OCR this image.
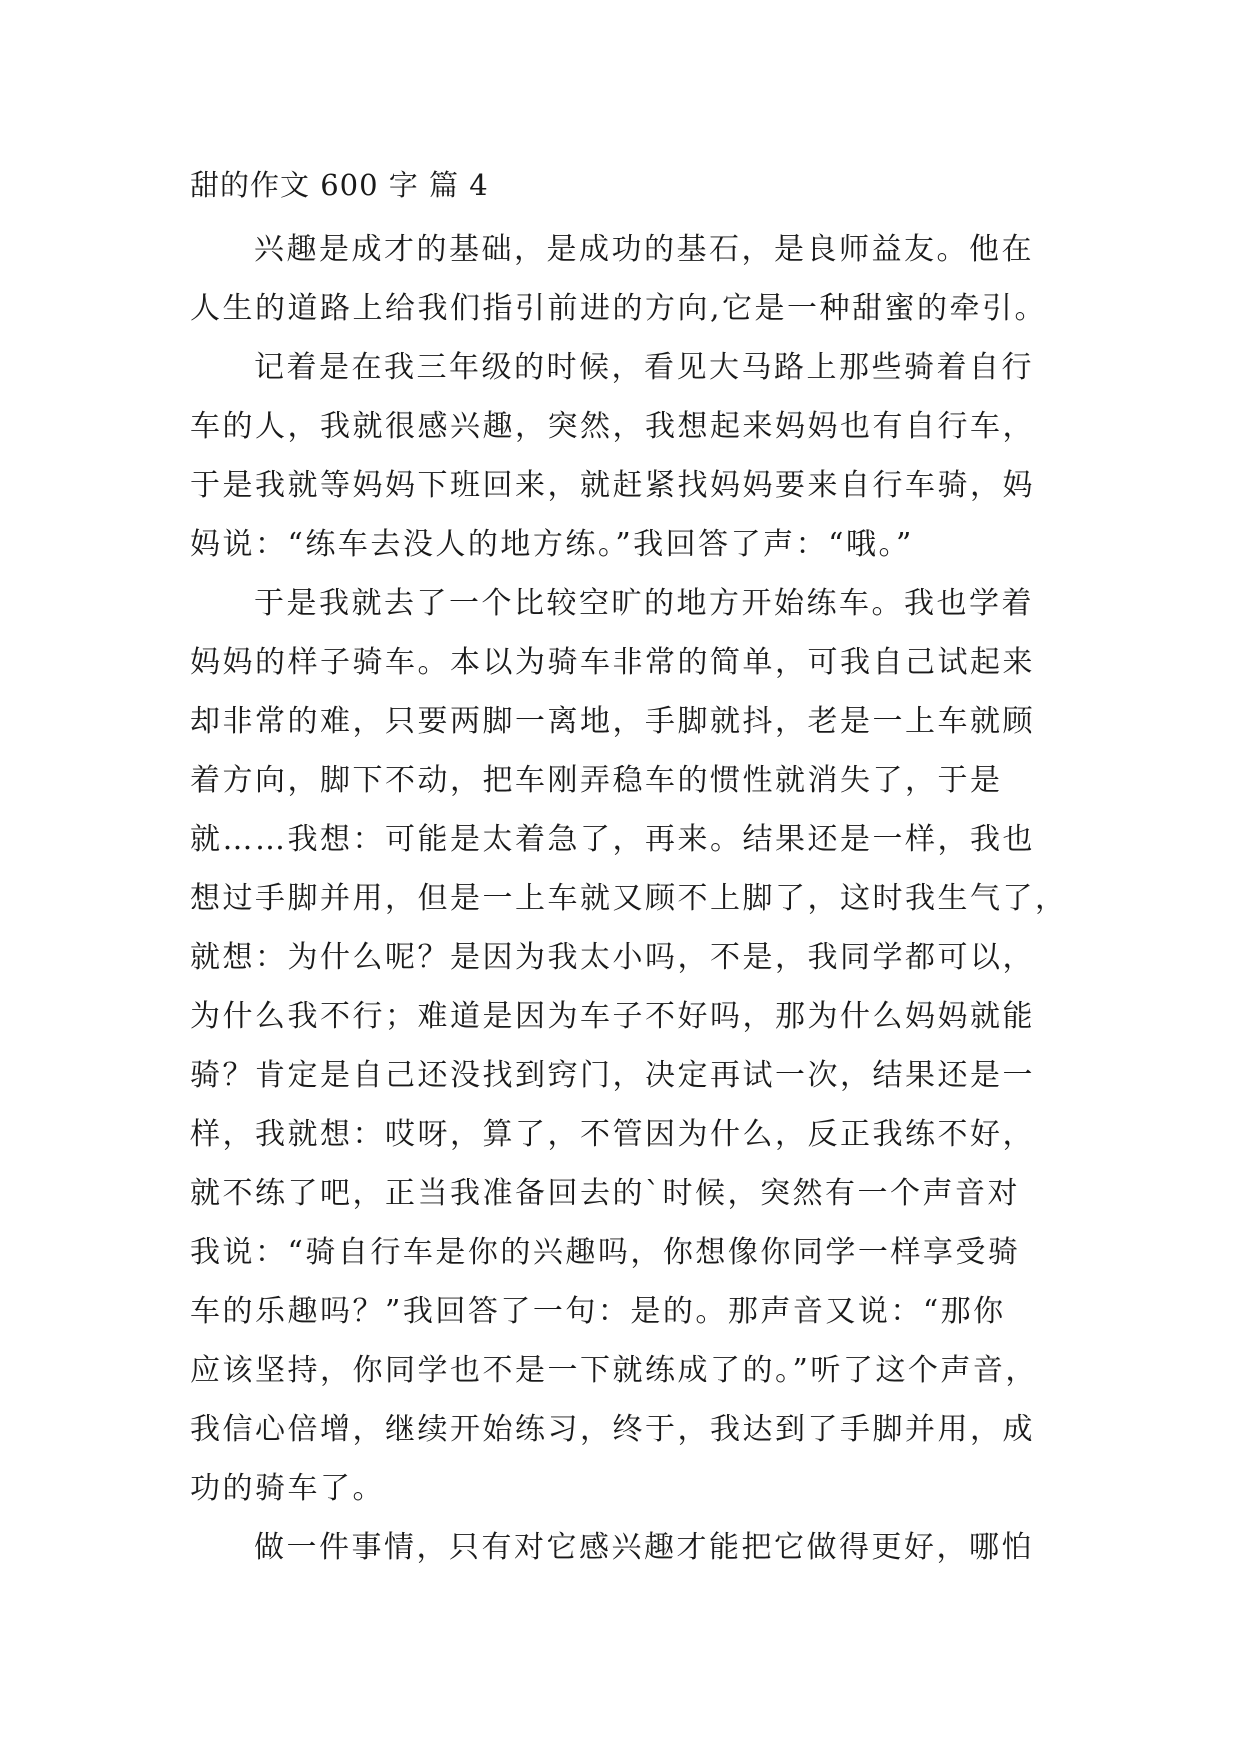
甜的作文 600 字 篇 4
兴趣是成才的基础，是成功的基石，是良师益友。他在
人生的道路上给我们指引前进的方向,它是一种甜蜜的牵引。
记着是在我三年级的时候，看见大马路上那些骑着自行
车的人，我就很感兴趣，突然，我想起来妈妈也有自行车，
于是我就等妈妈下班回来，就赶紧找妈妈要来自行车骑，妈
妈说：“练车去没人的地方练。”我回答了声：“哦。”
于是我就去了一个比较空旷的地方开始练车。我也学着
妈妈的样子骑车。本以为骑车非常的简单，可我自己试起来
却非常的难，只要两脚一离地，手脚就抖，老是一上车就顾
着方向，脚下不动，把车刚弄稳车的惯性就消失了，于是
就……我想：可能是太着急了，再来。结果还是一样，我也
想过手脚并用，但是一上车就又顾不上脚了，这时我生气了，
就想：为什么呢？是因为我太小吗，不是，我同学都可以，
为什么我不行；难道是因为车子不好吗，那为什么妈妈就能
骑？肯定是自己还没找到窍门，决定再试一次，结果还是一
样，我就想：哎呀，算了，不管因为什么，反正我练不好，
就不练了吧，正当我准备回去的`时候，突然有一个声音对
我说：“骑自行车是你的兴趣吗，你想像你同学一样享受骑
车的乐趣吗？”我回答了一句：是的。那声音又说：“那你
应该坚持，你同学也不是一下就练成了的。”听了这个声音，
我信心倍增，继续开始练习，终于，我达到了手脚并用，成
功的骑车了。
做一件事情，只有对它感兴趣才能把它做得更好，哪怕
